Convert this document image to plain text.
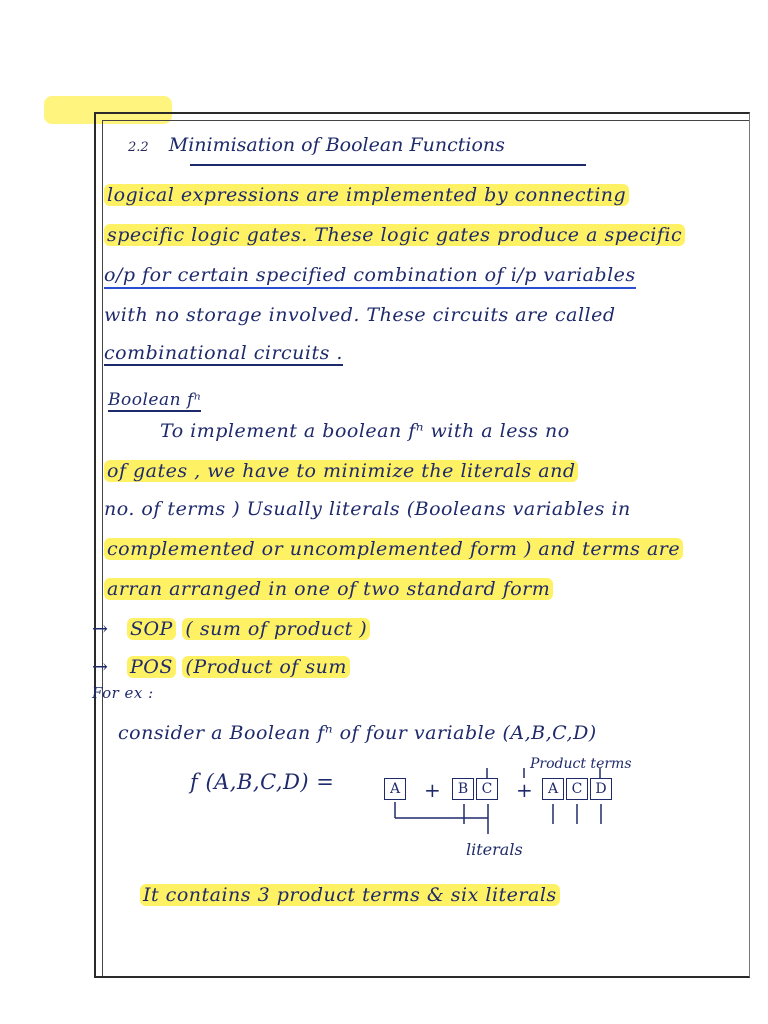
2.2 Minimisation of Boolean Functions
logical expressions are implemented by connecting
specific logic gates. These logic gates produce a specific
o/p for certain specified combination of i/p variables
with no storage involved. These circuits are called
combinational circuits .
Boolean fⁿ
To implement a boolean fⁿ with a less no
of gates , we have to minimize the literals and
no. of terms ) Usually literals (Booleans variables in
complemented or uncomplemented form ) and terms are
arran arranged in one of two standard form
→ SOP ( sum of product )
→ POS (Product of sum
For ex :
consider a Boolean fⁿ of four variable (A,B,C,D)
f (A,B,C,D) =
Product terms
A +	B C +	A C D
literals
It contains 3 product terms & six literals
